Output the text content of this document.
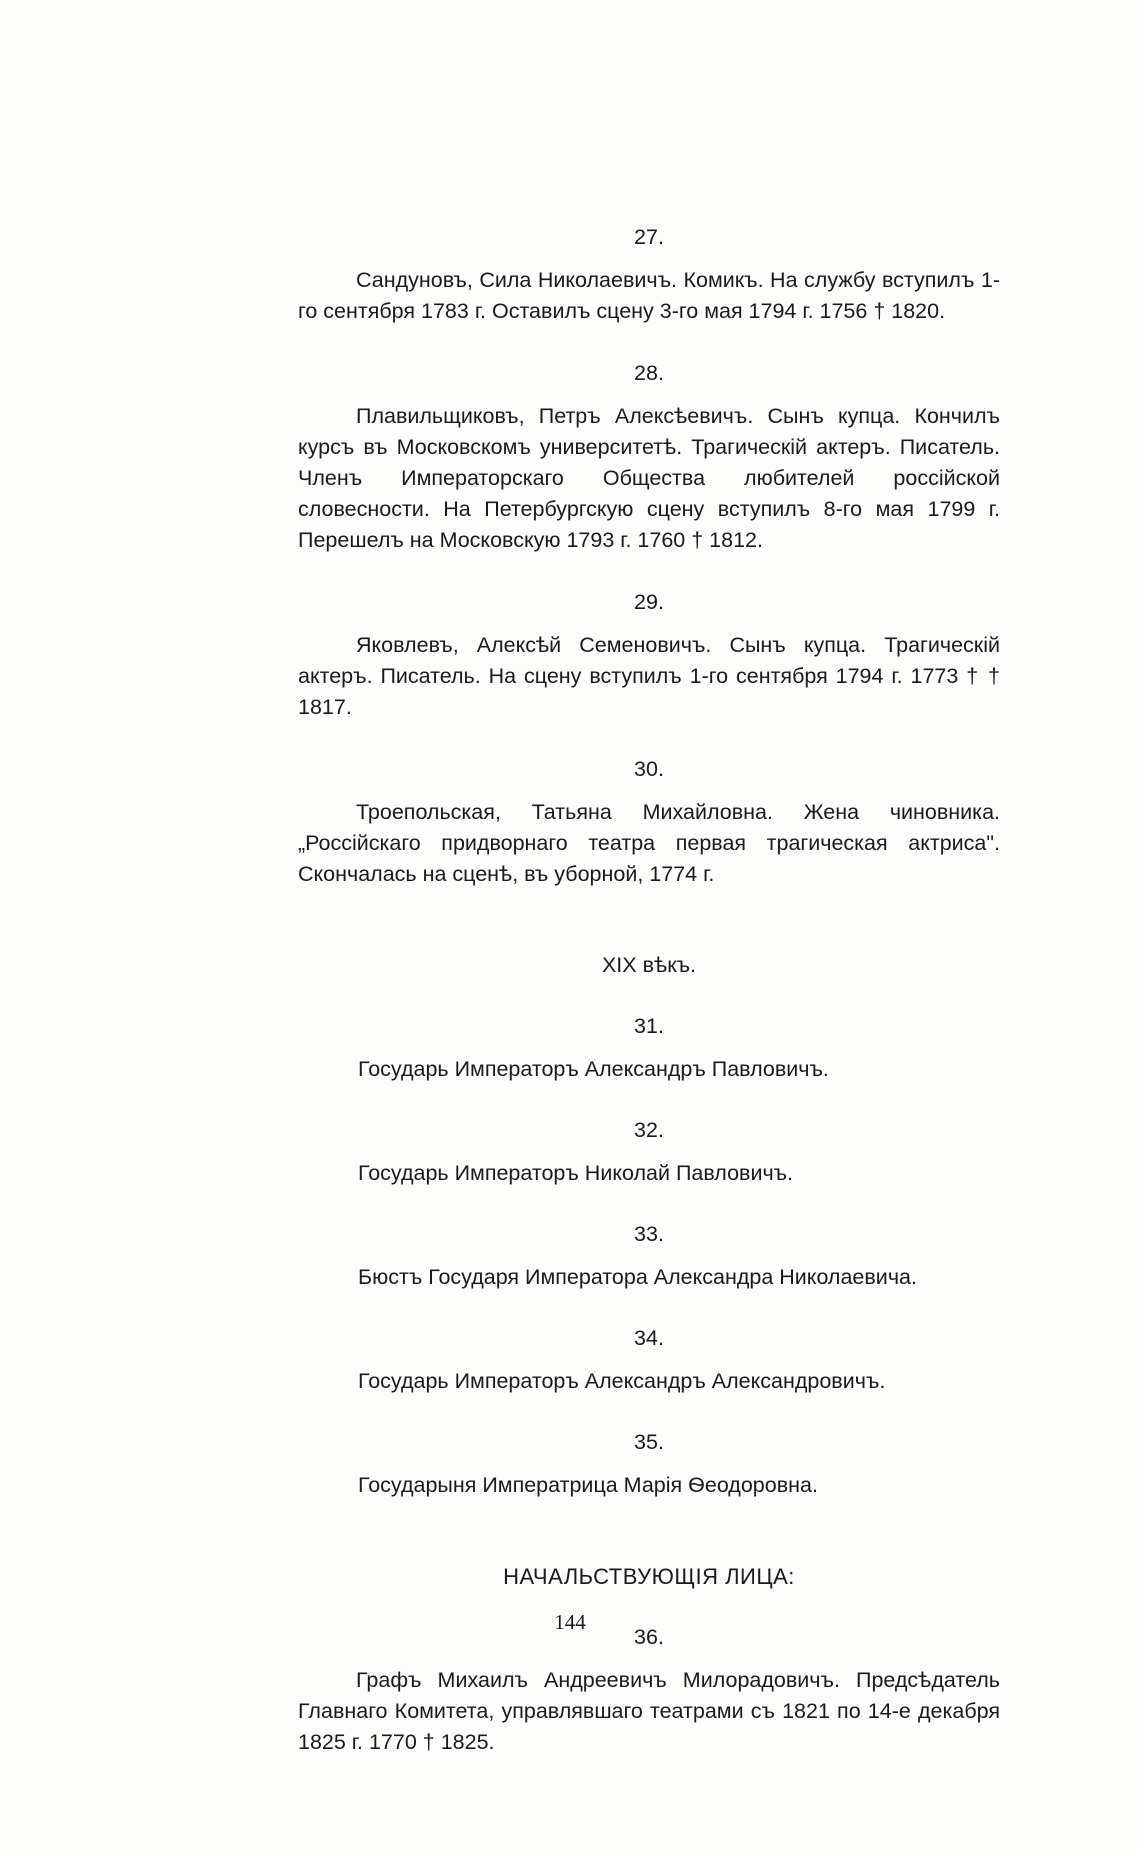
27.
Сандуновъ, Сила Николаевичъ. Комикъ. На службу вступилъ 1-го сентября 1783 г. Оставилъ сцену 3-го мая 1794 г. 1756 † 1820.
28.
Плавильщиковъ, Петръ Алексѣевичъ. Сынъ купца. Кончилъ курсъ въ Московскомъ университетѣ. Трагическій актеръ. Писатель. Членъ Императорскаго Общества любителей россійской словесности. На Петербургскую сцену вступилъ 8-го мая 1799 г. Перешелъ на Московскую 1793 г. 1760 † 1812.
29.
Яковлевъ, Алексѣй Семеновичъ. Сынъ купца. Трагическій актеръ. Писатель. На сцену вступилъ 1-го сентября 1794 г. 1773 † † 1817.
30.
Троепольская, Татьяна Михайловна. Жена чиновника. „Россійскаго придворнаго театра первая трагическая актриса". Скончалась на сценѣ, въ уборной, 1774 г.
XIX вѣкъ.
31.
Государь Императоръ Александръ Павловичъ.
32.
Государь Императоръ Николай Павловичъ.
33.
Бюстъ Государя Императора Александра Николаевича.
34.
Государь Императоръ Александръ Александровичъ.
35.
Государыня Императрица Марія Ѳеодоровна.
НАЧАЛЬСТВУЮЩІЯ ЛИЦА:
36.
Графъ Михаилъ Андреевичъ Милорадовичъ. Предсѣдатель Главнаго Комитета, управлявшаго театрами съ 1821 по 14-е декабря 1825 г. 1770 † 1825.
144
